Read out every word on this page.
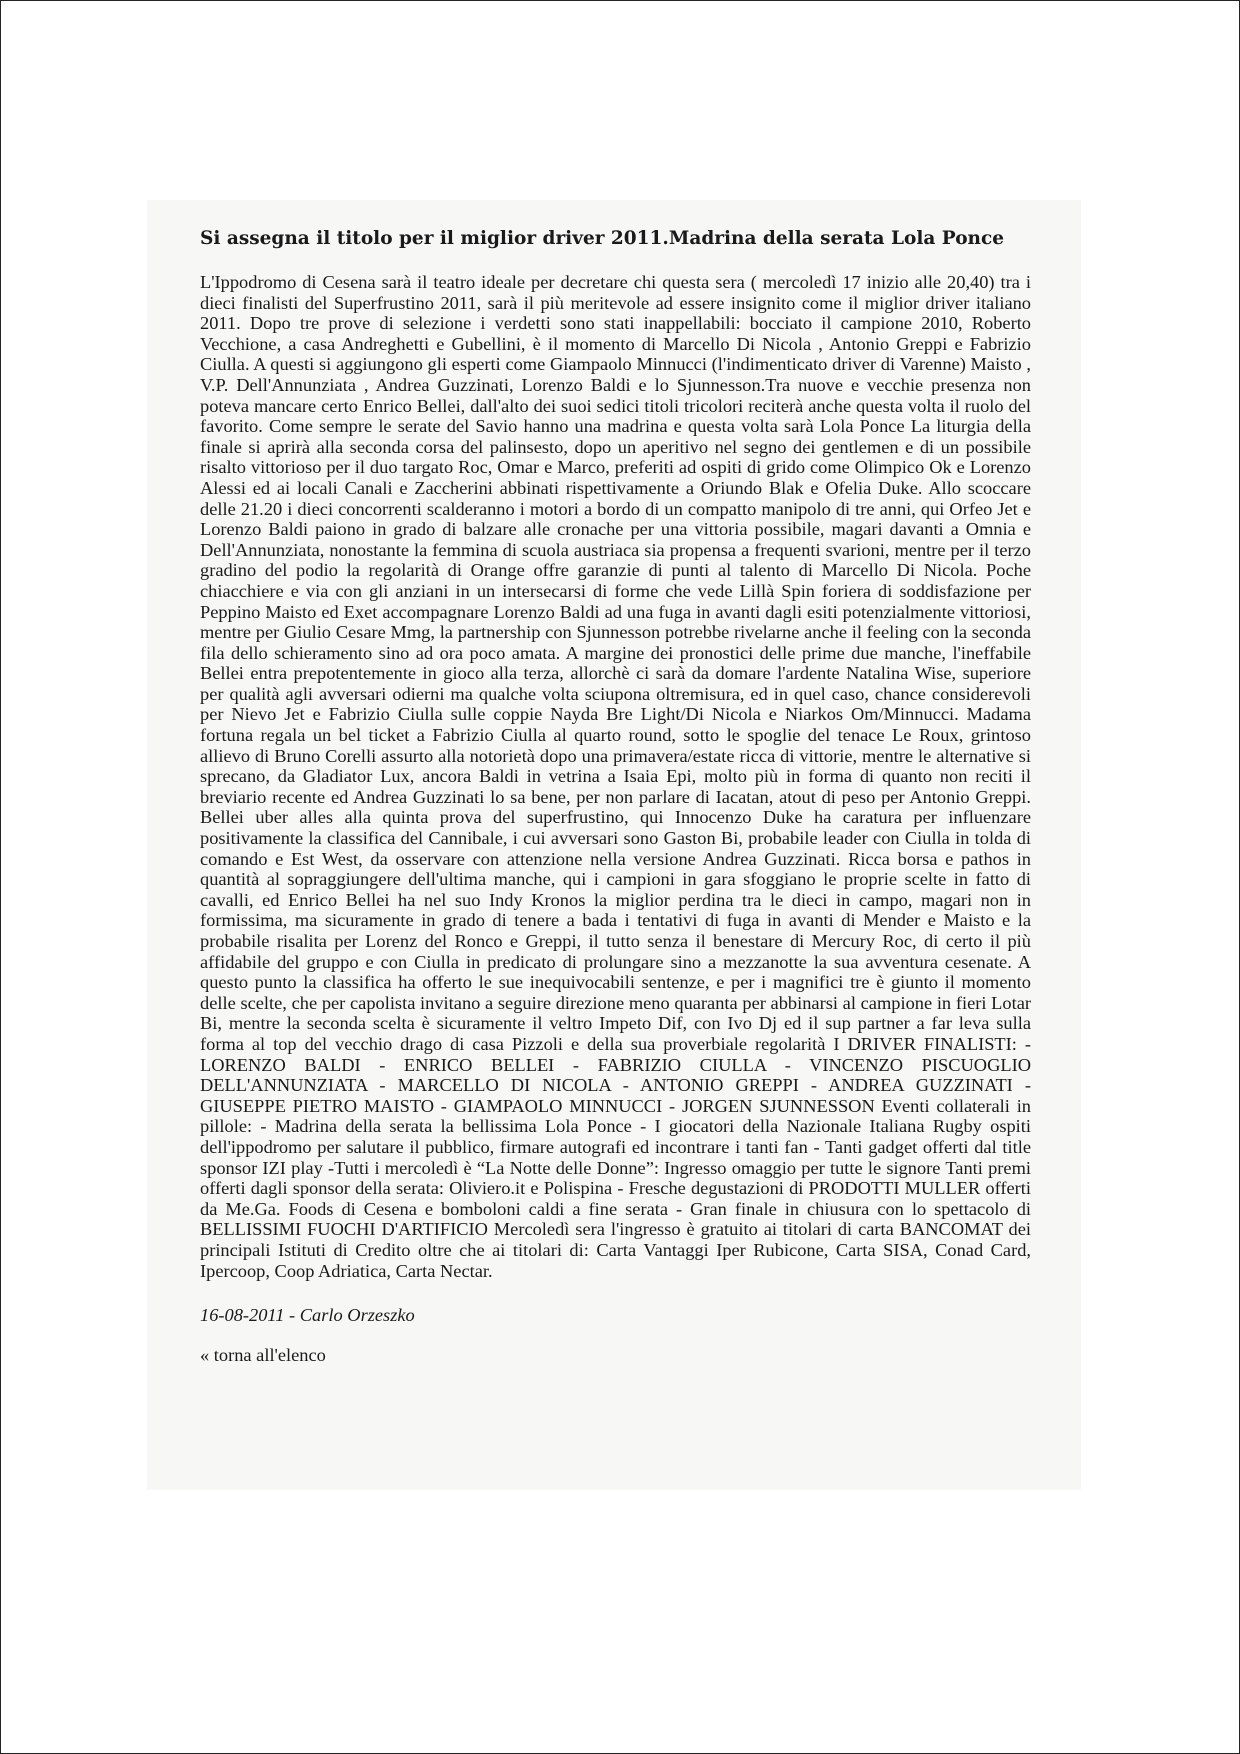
Si assegna il titolo per il miglior driver 2011.Madrina della serata Lola Ponce

L'Ippodromo di Cesena sarà il teatro ideale per decretare chi questa sera ( mercoledì 17 inizio alle 20,40) tra i dieci finalisti del Superfrustino 2011, sarà il più meritevole ad essere insignito come il miglior driver italiano 2011. Dopo tre prove di selezione i verdetti sono stati inappellabili: bocciato il campione 2010, Roberto Vecchione, a casa Andreghetti e Gubellini, è il momento di Marcello Di Nicola , Antonio Greppi e Fabrizio Ciulla. A questi si aggiungono gli esperti come Giampaolo Minnucci (l'indimenticato driver di Varenne) Maisto , V.P. Dell'Annunziata , Andrea Guzzinati, Lorenzo Baldi e lo Sjunnesson.Tra nuove e vecchie presenza non poteva mancare certo Enrico Bellei, dall'alto dei suoi sedici titoli tricolori reciterà anche questa volta il ruolo del favorito. Come sempre le serate del Savio hanno una madrina e questa volta sarà Lola Ponce La liturgia della finale si aprirà alla seconda corsa del palinsesto, dopo un aperitivo nel segno dei gentlemen e di un possibile risalto vittorioso per il duo targato Roc, Omar e Marco, preferiti ad ospiti di grido come Olimpico Ok e Lorenzo Alessi ed ai locali Canali e Zaccherini abbinati rispettivamente a Oriundo Blak e Ofelia Duke. Allo scoccare delle 21.20 i dieci concorrenti scalderanno i motori a bordo di un compatto manipolo di tre anni, qui Orfeo Jet e Lorenzo Baldi paiono in grado di balzare alle cronache per una vittoria possibile, magari davanti a Omnia e Dell'Annunziata, nonostante la femmina di scuola austriaca sia propensa a frequenti svarioni, mentre per il terzo gradino del podio la regolarità di Orange offre garanzie di punti al talento di Marcello Di Nicola. Poche chiacchiere e via con gli anziani in un intersecarsi di forme che vede Lillà Spin foriera di soddisfazione per Peppino Maisto ed Exet accompagnare Lorenzo Baldi ad una fuga in avanti dagli esiti potenzialmente vittoriosi, mentre per Giulio Cesare Mmg, la partnership con Sjunnesson potrebbe rivelarne anche il feeling con la seconda fila dello schieramento sino ad ora poco amata. A margine dei pronostici delle prime due manche, l'ineffabile Bellei entra prepotentemente in gioco alla terza, allorchè ci sarà da domare l'ardente Natalina Wise, superiore per qualità agli avversari odierni ma qualche volta sciupona oltremisura, ed in quel caso, chance considerevoli per Nievo Jet e Fabrizio Ciulla sulle coppie Nayda Bre Light/Di Nicola e Niarkos Om/Minnucci. Madama fortuna regala un bel ticket a Fabrizio Ciulla al quarto round, sotto le spoglie del tenace Le Roux, grintoso allievo di Bruno Corelli assurto alla notorietà dopo una primavera/estate ricca di vittorie, mentre le alternative si sprecano, da Gladiator Lux, ancora Baldi in vetrina a Isaia Epi, molto più in forma di quanto non reciti il breviario recente ed Andrea Guzzinati lo sa bene, per non parlare di Iacatan, atout di peso per Antonio Greppi. Bellei uber alles alla quinta prova del superfrustino, qui Innocenzo Duke ha caratura per influenzare positivamente la classifica del Cannibale, i cui avversari sono Gaston Bi, probabile leader con Ciulla in tolda di comando e Est West, da osservare con attenzione nella versione Andrea Guzzinati. Ricca borsa e pathos in quantità al sopraggiungere dell'ultima manche, qui i campioni in gara sfoggiano le proprie scelte in fatto di cavalli, ed Enrico Bellei ha nel suo Indy Kronos la miglior perdina tra le dieci in campo, magari non in formissima, ma sicuramente in grado di tenere a bada i tentativi di fuga in avanti di Mender e Maisto e la probabile risalita per Lorenz del Ronco e Greppi, il tutto senza il benestare di Mercury Roc, di certo il più affidabile del gruppo e con Ciulla in predicato di prolungare sino a mezzanotte la sua avventura cesenate. A questo punto la classifica ha offerto le sue inequivocabili sentenze, e per i magnifici tre è giunto il momento delle scelte, che per capolista invitano a seguire direzione meno quaranta per abbinarsi al campione in fieri Lotar Bi, mentre la seconda scelta è sicuramente il veltro Impeto Dif, con Ivo Dj ed il sup partner a far leva sulla forma al top del vecchio drago di casa Pizzoli e della sua proverbiale regolarità I DRIVER FINALISTI: - LORENZO BALDI - ENRICO BELLEI - FABRIZIO CIULLA - VINCENZO PISCUOGLIO DELL'ANNUNZIATA - MARCELLO DI NICOLA - ANTONIO GREPPI - ANDREA GUZZINATI - GIUSEPPE PIETRO MAISTO - GIAMPAOLO MINNUCCI - JORGEN SJUNNESSON Eventi collaterali in pillole: - Madrina della serata la bellissima Lola Ponce - I giocatori della Nazionale Italiana Rugby ospiti dell'ippodromo per salutare il pubblico, firmare autografi ed incontrare i tanti fan - Tanti gadget offerti dal title sponsor IZI play -Tutti i mercoledì è “La Notte delle Donne”: Ingresso omaggio per tutte le signore Tanti premi offerti dagli sponsor della serata: Oliviero.it e Polispina - Fresche degustazioni di PRODOTTI MULLER offerti da Me.Ga. Foods di Cesena e bomboloni caldi a fine serata - Gran finale in chiusura con lo spettacolo di BELLISSIMI FUOCHI D'ARTIFICIO Mercoledì sera l'ingresso è gratuito ai titolari di carta BANCOMAT dei principali Istituti di Credito oltre che ai titolari di: Carta Vantaggi Iper Rubicone, Carta SISA, Conad Card, Ipercoop, Coop Adriatica, Carta Nectar.

16-08-2011 - Carlo Orzeszko

« torna all'elenco
